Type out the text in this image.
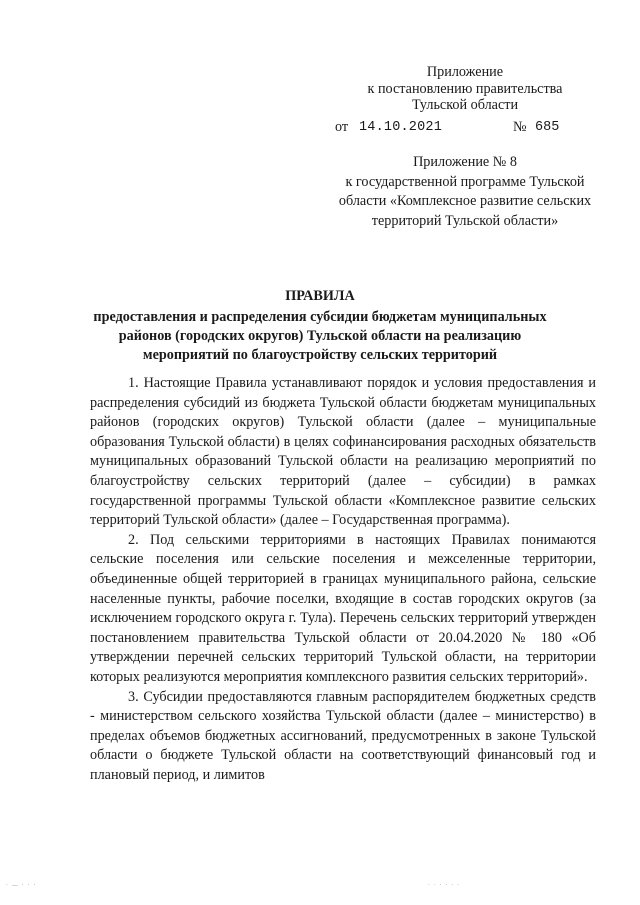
Приложение
к постановлению правительства
Тульской области
от 14.10.2021	№ 685
Приложение № 8
к государственной программе Тульской
области «Комплексное развитие сельских
территорий Тульской области»
ПРАВИЛА
предоставления и распределения субсидии бюджетам муниципальных
районов (городских округов) Тульской области на реализацию
мероприятий по благоустройству сельских территорий

1. Настоящие Правила устанавливают порядок и условия предоставления и распределения субсидий из бюджета Тульской области бюджетам муниципальных районов (городских округов) Тульской области (далее – муниципальные образования Тульской области) в целях софинансирования расходных обязательств муниципальных образований Тульской области на реализацию мероприятий по благоустройству сельских территорий (далее – субсидии) в рамках государственной программы Тульской области «Комплексное развитие сельских территорий Тульской области» (далее – Государственная программа).

2. Под сельскими территориями в настоящих Правилах понимаются сельские поселения или сельские поселения и межселенные территории, объединенные общей территорией в границах муниципального района, сельские населенные пункты, рабочие поселки, входящие в состав городских округов (за исключением городского округа г. Тула). Перечень сельских территорий утвержден постановлением правительства Тульской области от 20.04.2020 № 180 «Об утверждении перечней сельских территорий Тульской области, на территории которых реализуются мероприятия комплексного развития сельских территорий».

3. Субсидии предоставляются главным распорядителем бюджетных средств - министерством сельского хозяйства Тульской области (далее – министерство) в пределах объемов бюджетных ассигнований, предусмотренных в законе Тульской области о бюджете Тульской области на соответствующий финансовый год и плановый период, и лимитов

· — · · ·	· · · · · ·
